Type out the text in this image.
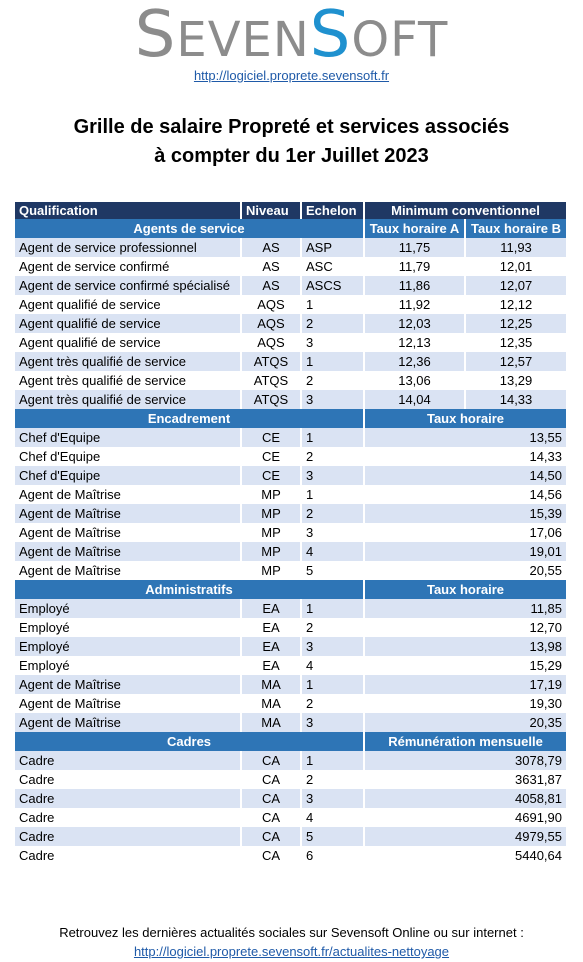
SEVENSOFT
http://logiciel.proprete.sevensoft.fr
Grille de salaire Propreté et services associés
à compter du 1er Juillet 2023
Qualification	Niveau	Echelon	Minimum conventionnel	
Agents de service			Taux horaire A	Taux horaire B
Agent de service professionnel	AS	ASP	11,75	11,93
Agent de service confirmé	AS	ASC	11,79	12,01
Agent de service confirmé spécialisé	AS	ASCS	11,86	12,07
Agent qualifié de service	AQS	1	11,92	12,12
Agent qualifié de service	AQS	2	12,03	12,25
Agent qualifié de service	AQS	3	12,13	12,35
Agent très qualifié de service	ATQS	1	12,36	12,57
Agent très qualifié de service	ATQS	2	13,06	13,29
Agent très qualifié de service	ATQS	3	14,04	14,33
Encadrement			Taux horaire	
Chef d'Equipe	CE	1	13,55	
Chef d'Equipe	CE	2	14,33	
Chef d'Equipe	CE	3	14,50	
Agent de Maîtrise	MP	1	14,56	
Agent de Maîtrise	MP	2	15,39	
Agent de Maîtrise	MP	3	17,06	
Agent de Maîtrise	MP	4	19,01	
Agent de Maîtrise	MP	5	20,55	
Administratifs			Taux horaire	
Employé	EA	1	11,85	
Employé	EA	2	12,70	
Employé	EA	3	13,98	
Employé	EA	4	15,29	
Agent de Maîtrise	MA	1	17,19	
Agent de Maîtrise	MA	2	19,30	
Agent de Maîtrise	MA	3	20,35	
Cadres			Rémunération mensuelle	
Cadre	CA	1	3078,79	
Cadre	CA	2	3631,87	
Cadre	CA	3	4058,81	
Cadre	CA	4	4691,90	
Cadre	CA	5	4979,55	
Cadre	CA	6	5440,64	
Retrouvez les dernières actualités sociales sur Sevensoft Online ou sur internet :
http://logiciel.proprete.sevensoft.fr/actualites-nettoyage
